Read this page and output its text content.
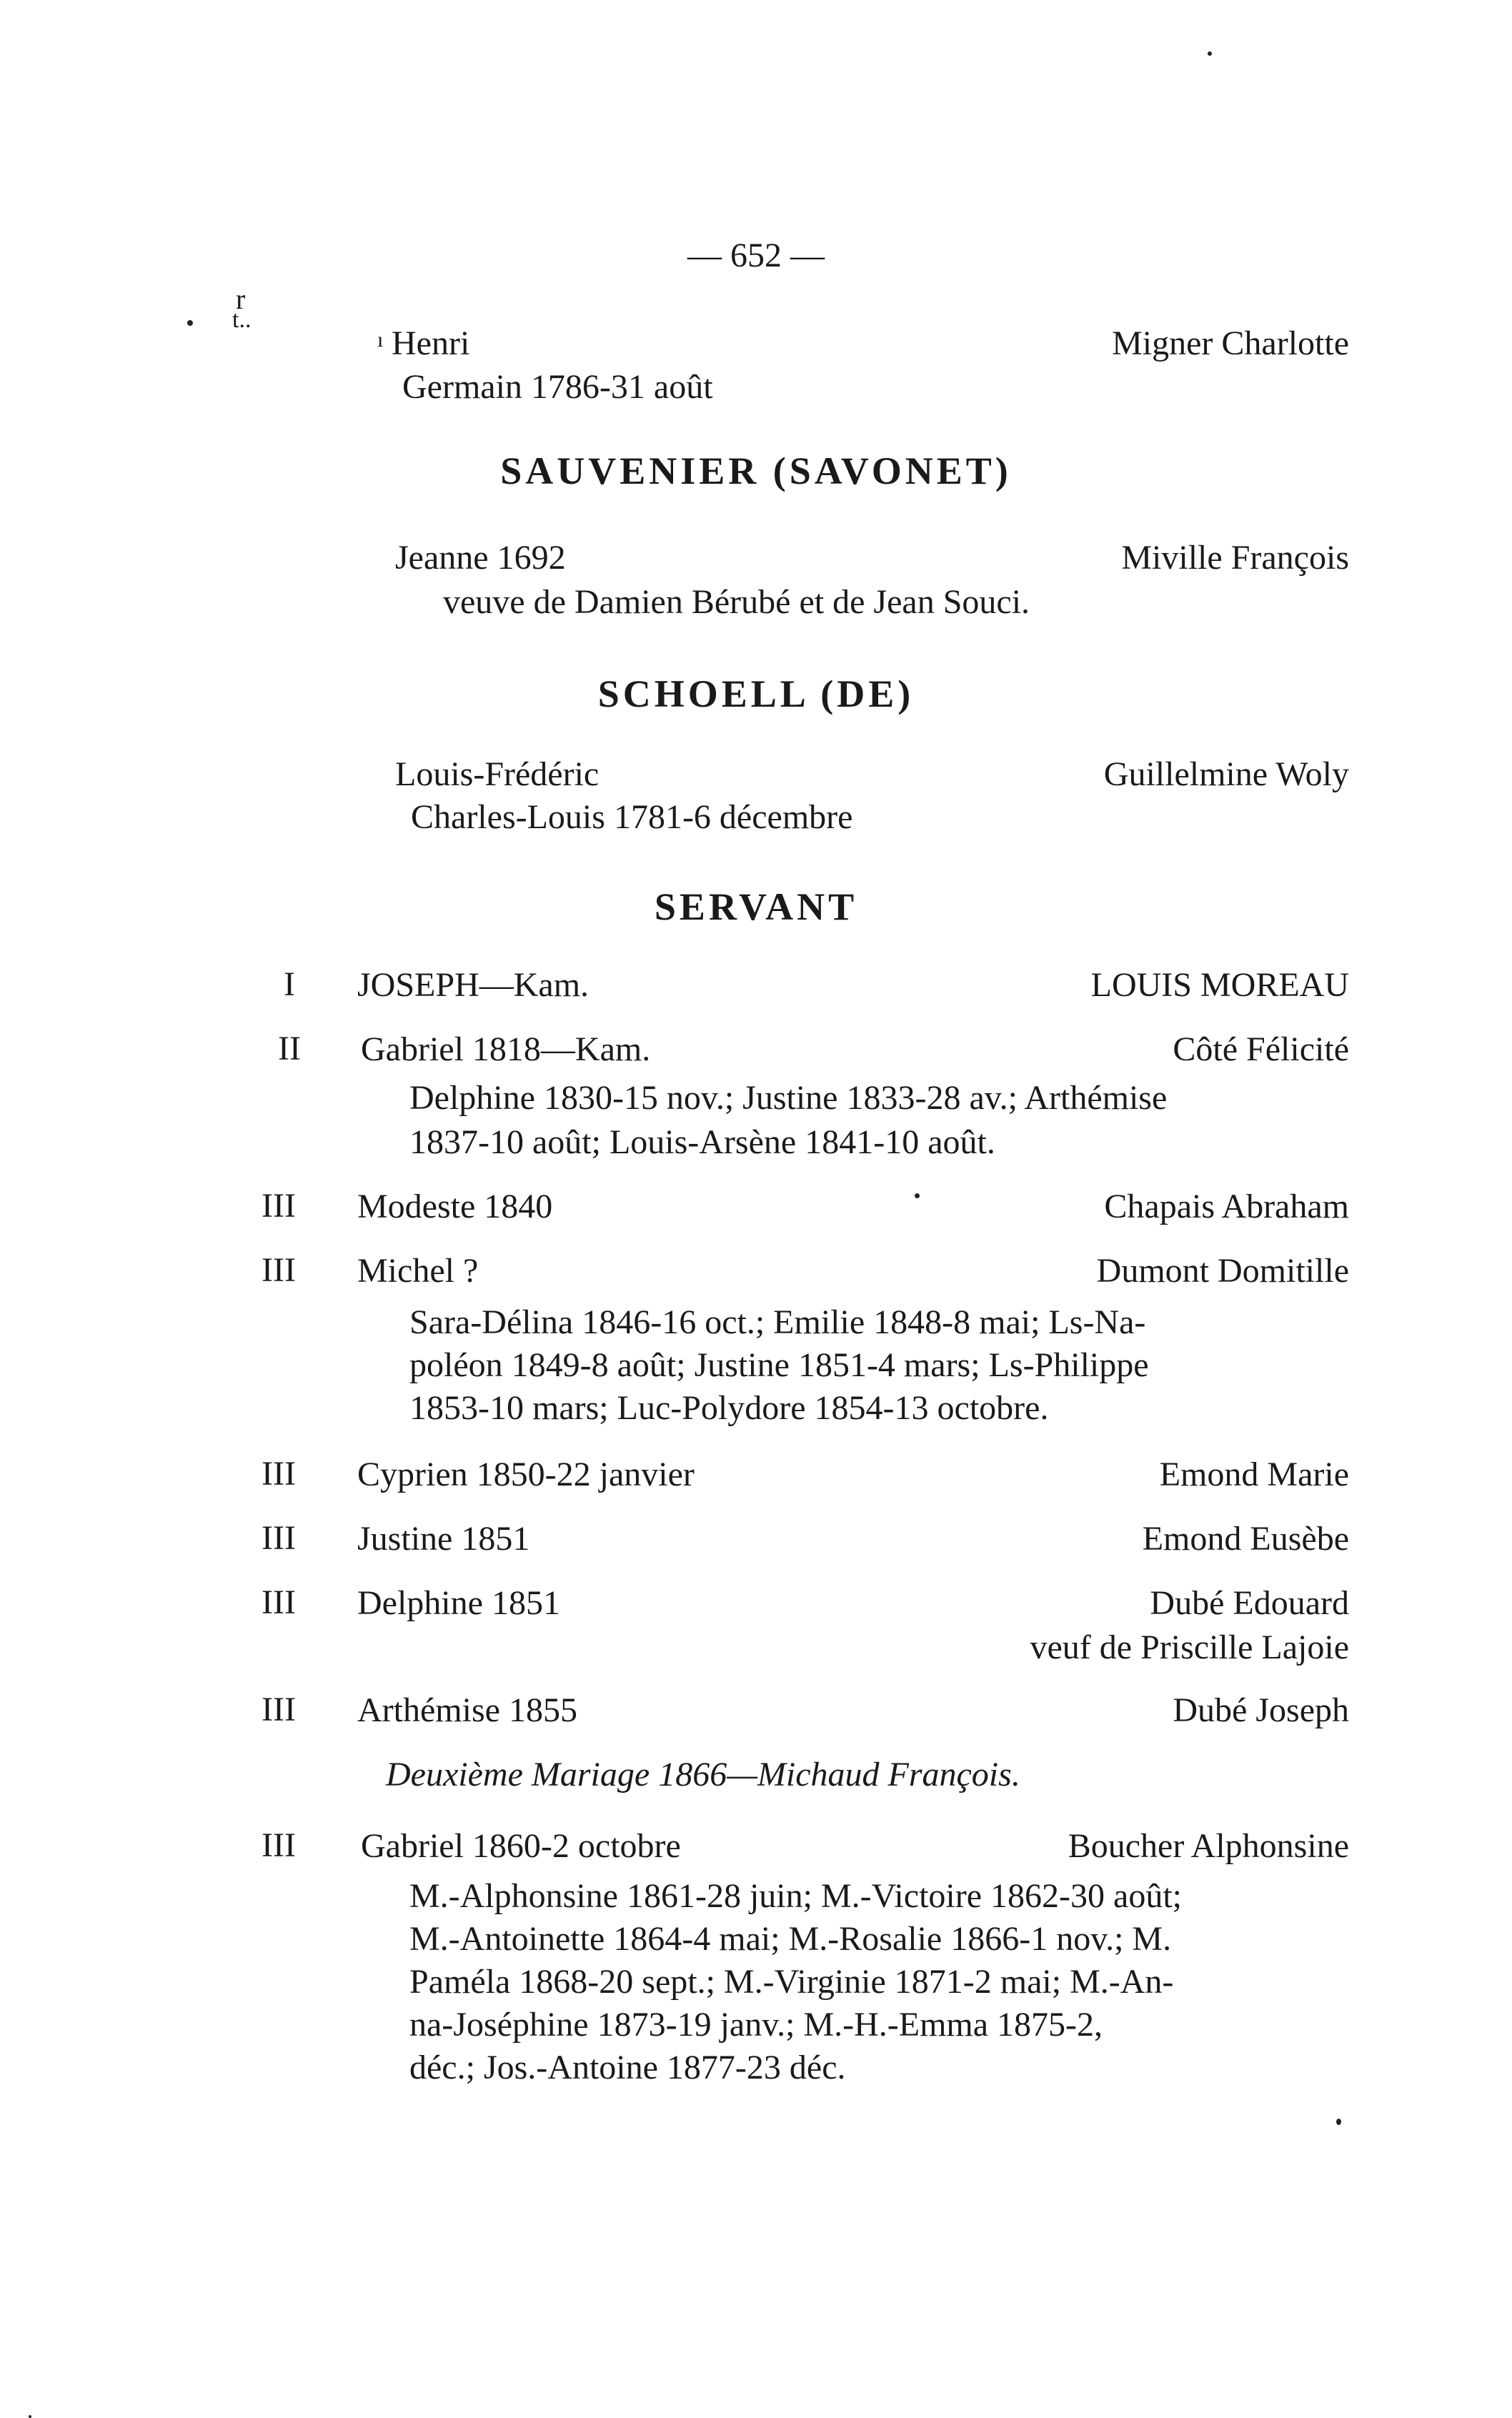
— 652 —
r
t..
ı Henri	Migner Charlotte
Germain 1786-31 août
SAUVENIER (SAVONET)
Jeanne 1692	Miville François
veuve de Damien Bérubé et de Jean Souci.
SCHOELL (DE)
Louis-Frédéric	Guillelmine Woly
Charles-Louis 1781-6 décembre
SERVANT
I	JOSEPH—Kam.	LOUIS MOREAU
II	Gabriel 1818—Kam.	Côté Félicité
Delphine 1830-15 nov.; Justine 1833-28 av.; Arthémise
1837-10 août; Louis-Arsène 1841-10 août.
III	Modeste 1840	Chapais Abraham
III	Michel ?	Dumont Domitille
Sara-Délina 1846-16 oct.; Emilie 1848-8 mai; Ls-Na-
poléon 1849-8 août; Justine 1851-4 mars; Ls-Philippe
1853-10 mars; Luc-Polydore 1854-13 octobre.
III	Cyprien 1850-22 janvier	Emond Marie
III	Justine 1851	Emond Eusèbe
III	Delphine 1851	Dubé Edouard
veuf de Priscille Lajoie
III	Arthémise 1855	Dubé Joseph
Deuxième Mariage 1866—Michaud François.
III	Gabriel 1860-2 octobre	Boucher Alphonsine
M.-Alphonsine 1861-28 juin; M.-Victoire 1862-30 août;
M.-Antoinette 1864-4 mai; M.-Rosalie 1866-1 nov.; M.
Paméla 1868-20 sept.; M.-Virginie 1871-2 mai; M.-An-
na-Joséphine 1873-19 janv.; M.-H.-Emma 1875-2,
déc.; Jos.-Antoine 1877-23 déc.
